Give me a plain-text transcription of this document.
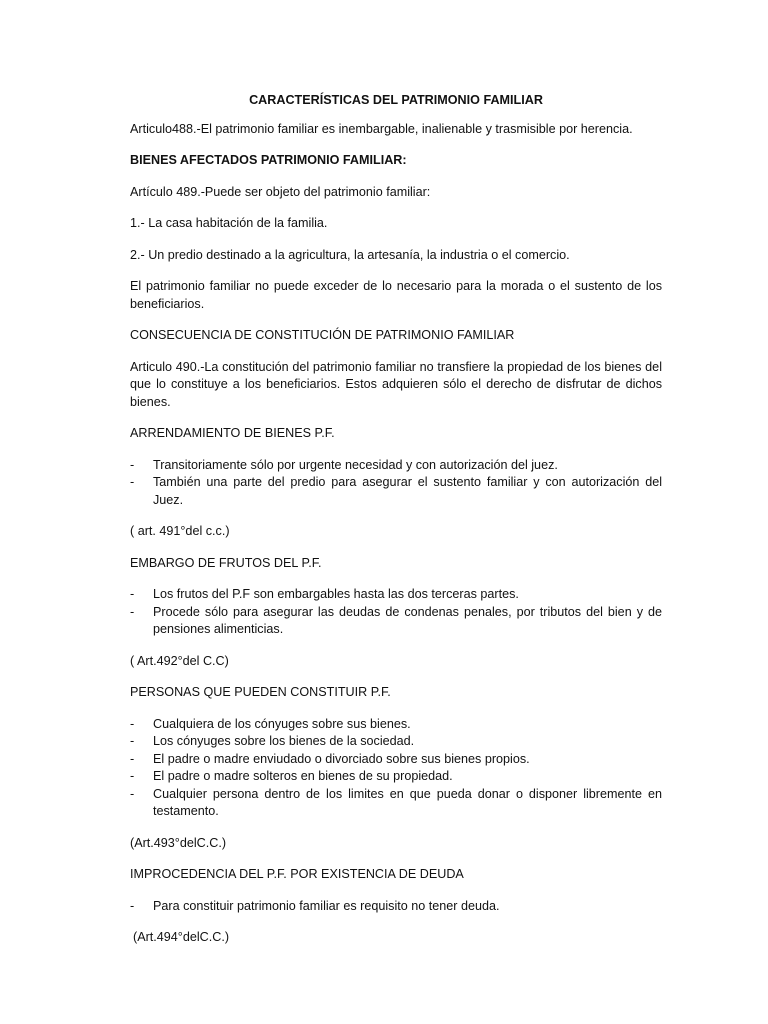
CARACTERÍSTICAS DEL PATRIMONIO FAMILIAR

Articulo488.-El patrimonio familiar es inembargable, inalienable y trasmisible por herencia.

BIENES AFECTADOS PATRIMONIO FAMILIAR:

Artículo 489.-Puede ser objeto del patrimonio familiar:

1.- La casa habitación de la familia.

2.- Un predio destinado a la agricultura, la artesanía, la industria o el comercio.

El patrimonio familiar no puede exceder de lo necesario para la morada o el sustento de los beneficiarios.

CONSECUENCIA DE CONSTITUCIÓN DE PATRIMONIO FAMILIAR

Articulo 490.-La constitución del patrimonio familiar no transfiere la propiedad de los bienes del que lo constituye a los beneficiarios. Estos adquieren sólo el derecho de disfrutar de dichos bienes.

ARRENDAMIENTO DE BIENES P.F.

- Transitoriamente sólo por urgente necesidad y con autorización del juez.
- También una parte del predio para asegurar el sustento familiar y con autorización del Juez.

( art. 491°del c.c.)

EMBARGO DE FRUTOS DEL P.F.

- Los frutos del P.F son embargables hasta las dos terceras partes.
- Procede sólo para asegurar las deudas de condenas penales, por tributos del bien y de pensiones alimenticias.

( Art.492°del C.C)

PERSONAS QUE PUEDEN CONSTITUIR P.F.

- Cualquiera de los cónyuges sobre sus bienes.
- Los cónyuges sobre los bienes de la sociedad.
- El padre o madre enviudado o divorciado sobre sus bienes propios.
- El padre o madre solteros en bienes de su propiedad.
- Cualquier persona dentro de los limites en que pueda donar o disponer libremente en testamento.

(Art.493°delC.C.)

IMPROCEDENCIA DEL P.F. POR EXISTENCIA DE DEUDA

- Para constituir patrimonio familiar es requisito no tener deuda.

(Art.494°delC.C.)
